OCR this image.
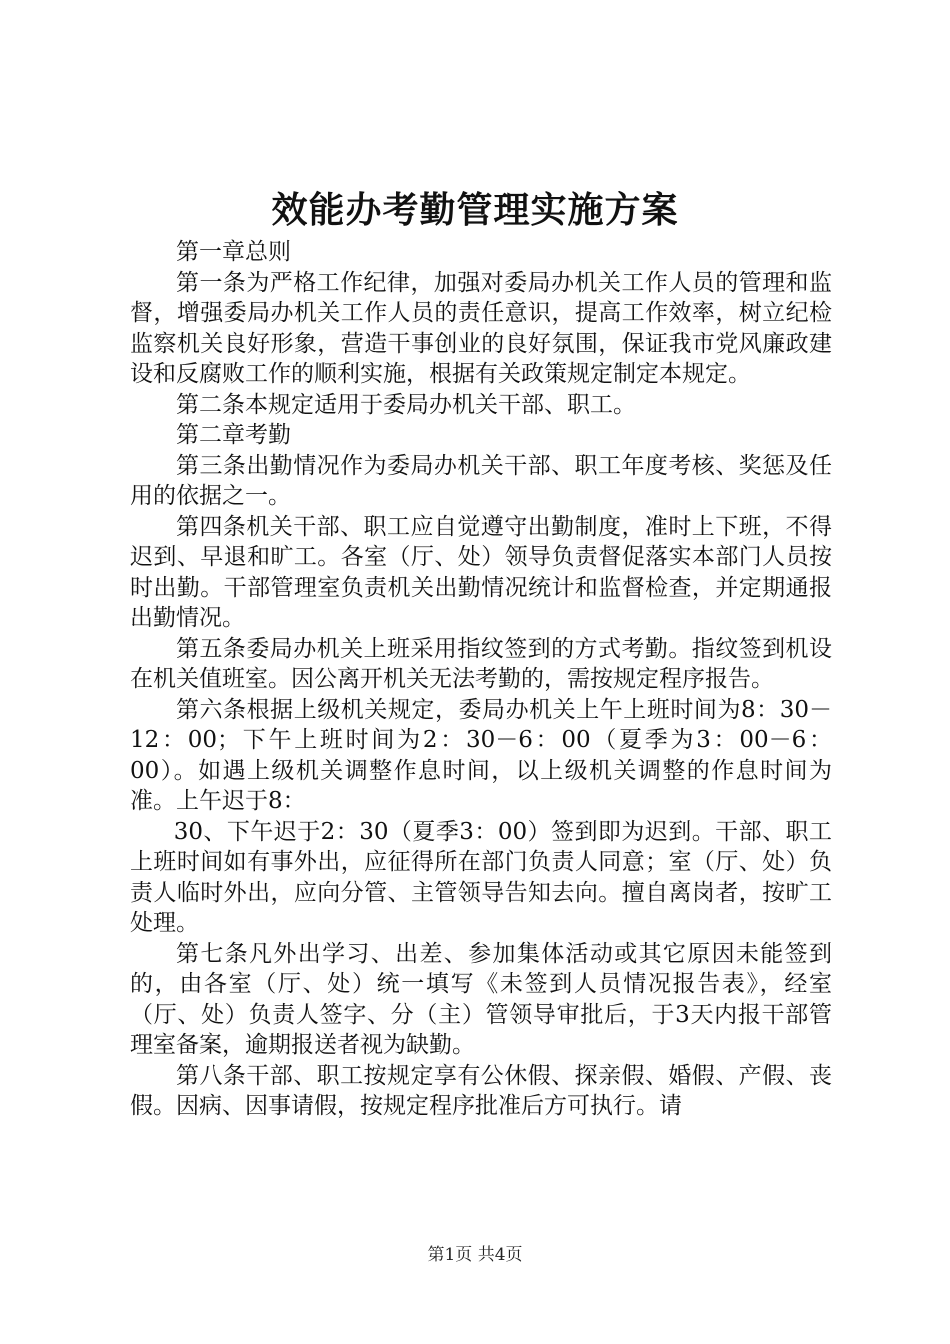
效能办考勤管理实施方案

第一章总则

第一条为严格工作纪律，加强对委局办机关工作人员的管理和监督，增强委局办机关工作人员的责任意识，提高工作效率，树立纪检监察机关良好形象，营造干事创业的良好氛围，保证我市党风廉政建设和反腐败工作的顺利实施，根据有关政策规定制定本规定。

第二条本规定适用于委局办机关干部、职工。

第二章考勤

第三条出勤情况作为委局办机关干部、职工年度考核、奖惩及任用的依据之一。

第四条机关干部、职工应自觉遵守出勤制度，准时上下班，不得迟到、早退和旷工。各室（厅、处）领导负责督促落实本部门人员按时出勤。干部管理室负责机关出勤情况统计和监督检查，并定期通报出勤情况。

第五条委局办机关上班采用指纹签到的方式考勤。指纹签到机设在机关值班室。因公离开机关无法考勤的，需按规定程序报告。

第六条根据上级机关规定，委局办机关上午上班时间为8：30－12：00；下午上班时间为2：30－6：00（夏季为3：00－6：00）。如遇上级机关调整作息时间，以上级机关调整的作息时间为准。上午迟于8：

30、下午迟于2：30（夏季3：00）签到即为迟到。干部、职工上班时间如有事外出，应征得所在部门负责人同意；室（厅、处）负责人临时外出，应向分管、主管领导告知去向。擅自离岗者，按旷工处理。

第七条凡外出学习、出差、参加集体活动或其它原因未能签到的，由各室（厅、处）统一填写《未签到人员情况报告表》，经室（厅、处）负责人签字、分（主）管领导审批后，于3天内报干部管理室备案，逾期报送者视为缺勤。

第八条干部、职工按规定享有公休假、探亲假、婚假、产假、丧假。因病、因事请假，按规定程序批准后方可执行。请

第1页 共4页
